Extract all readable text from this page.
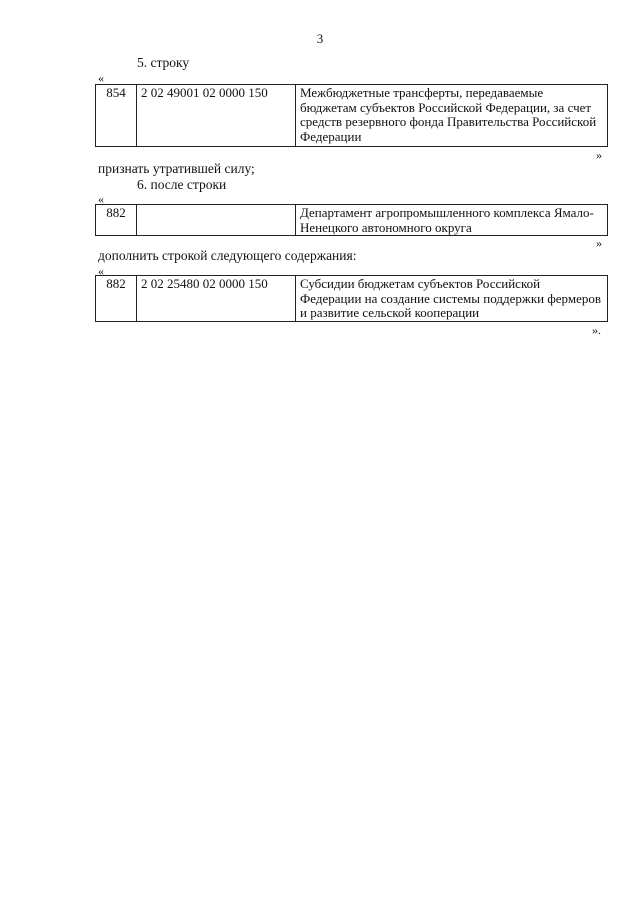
3
5. строку
«
854	2 02 49001 02 0000 150	Межбюджетные трансферты, передаваемые бюджетам субъектов Российской Федерации, за счет средств резервного фонда Правительства Российской Федерации
»
признать утратившей силу;
6. после строки
«
882		Департамент агропромышленного комплекса Ямало-Ненецкого автономного округа
»
дополнить строкой следующего содержания:
«
882	2 02 25480 02 0000 150	Субсидии бюджетам субъектов Российской Федерации на создание системы поддержки фермеров и развитие сельской кооперации
».
